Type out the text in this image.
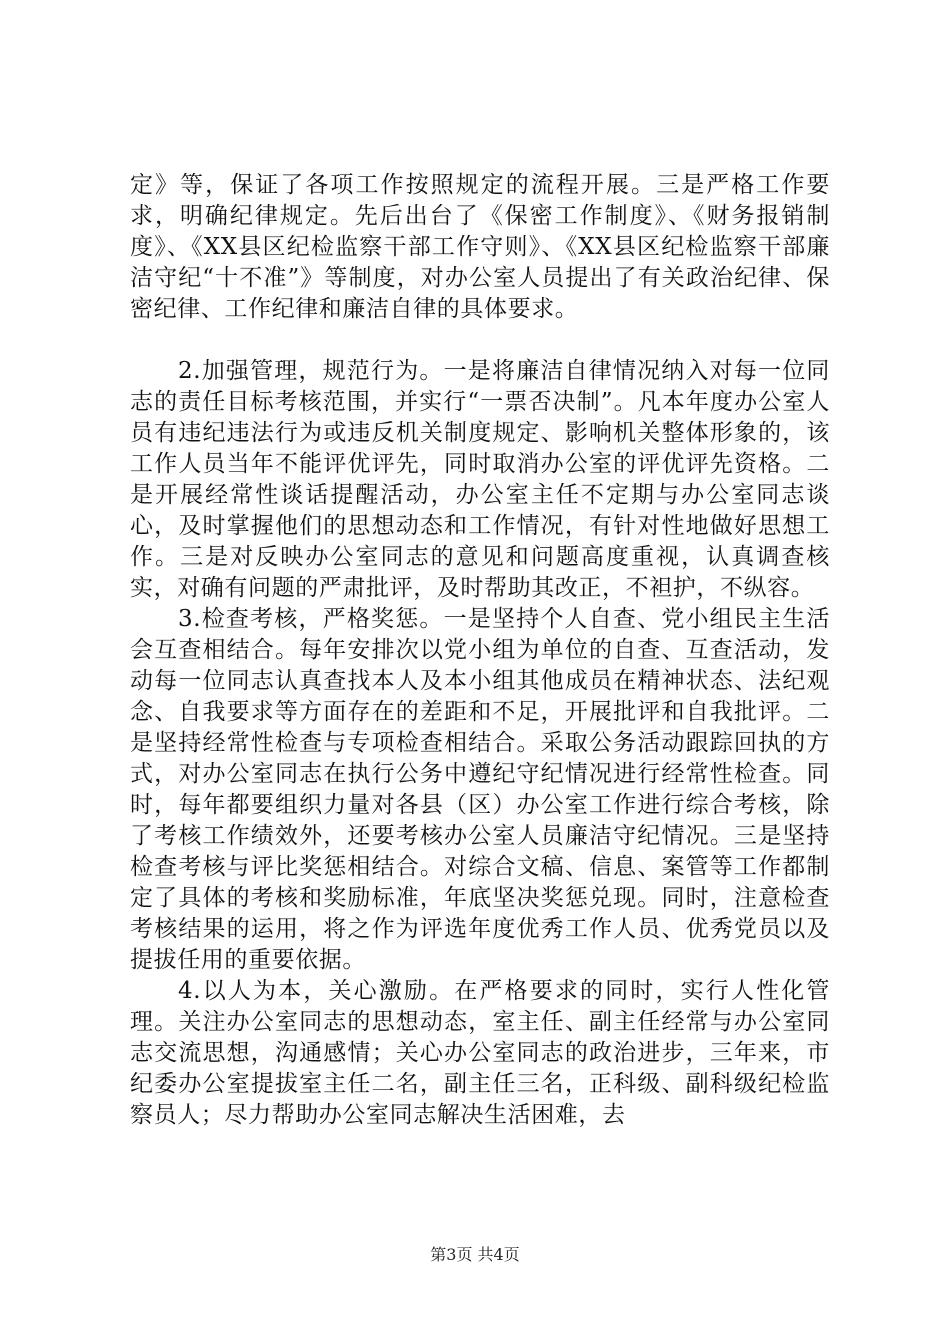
定》等，保证了各项工作按照规定的流程开展。三是严格工作要求，明确纪律规定。先后出台了《保密工作制度》、《财务报销制度》、《XX县区纪检监察干部工作守则》、《XX县区纪检监察干部廉洁守纪“十不准”》等制度，对办公室人员提出了有关政治纪律、保密纪律、工作纪律和廉洁自律的具体要求。

2.加强管理，规范行为。一是将廉洁自律情况纳入对每一位同志的责任目标考核范围，并实行“一票否决制”。凡本年度办公室人员有违纪违法行为或违反机关制度规定、影响机关整体形象的，该工作人员当年不能评优评先，同时取消办公室的评优评先资格。二是开展经常性谈话提醒活动，办公室主任不定期与办公室同志谈心，及时掌握他们的思想动态和工作情况，有针对性地做好思想工作。三是对反映办公室同志的意见和问题高度重视，认真调查核实，对确有问题的严肃批评，及时帮助其改正，不袒护，不纵容。

3.检查考核，严格奖惩。一是坚持个人自查、党小组民主生活会互查相结合。每年安排次以党小组为单位的自查、互查活动，发动每一位同志认真查找本人及本小组其他成员在精神状态、法纪观念、自我要求等方面存在的差距和不足，开展批评和自我批评。二是坚持经常性检查与专项检查相结合。采取公务活动跟踪回执的方式，对办公室同志在执行公务中遵纪守纪情况进行经常性检查。同时，每年都要组织力量对各县（区）办公室工作进行综合考核，除了考核工作绩效外，还要考核办公室人员廉洁守纪情况。三是坚持检查考核与评比奖惩相结合。对综合文稿、信息、案管等工作都制定了具体的考核和奖励标准，年底坚决奖惩兑现。同时，注意检查考核结果的运用，将之作为评选年度优秀工作人员、优秀党员以及提拔任用的重要依据。

4.以人为本，关心激励。在严格要求的同时，实行人性化管理。关注办公室同志的思想动态，室主任、副主任经常与办公室同志交流思想，沟通感情；关心办公室同志的政治进步，三年来，市纪委办公室提拔室主任二名，副主任三名，正科级、副科级纪检监察员人；尽力帮助办公室同志解决生活困难，去

第3页 共4页
